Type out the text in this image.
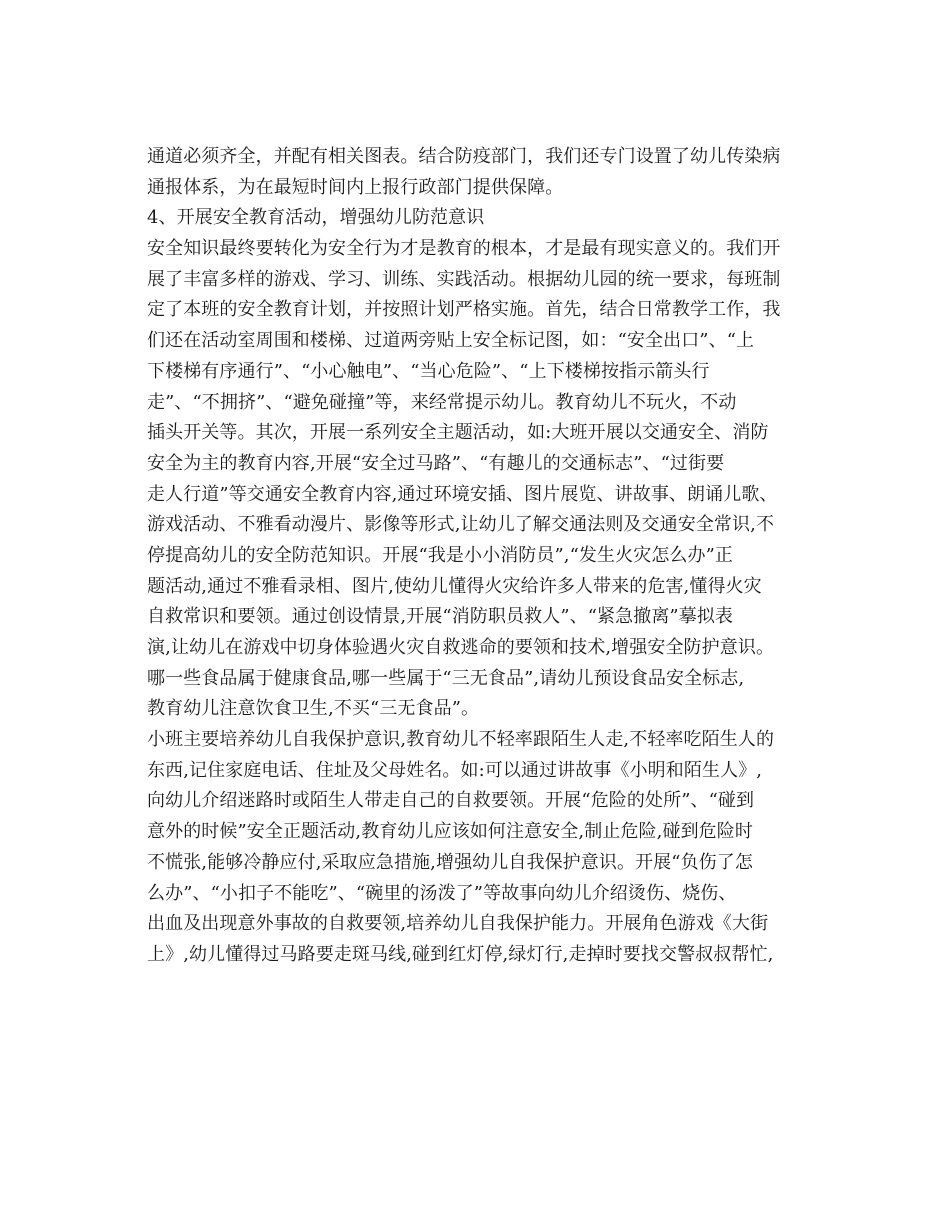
通道必须齐全，并配有相关图表。结合防疫部门，我们还专门设置了幼儿传染病
通报体系，为在最短时间内上报行政部门提供保障。
4、开展安全教育活动，增强幼儿防范意识
安全知识最终要转化为安全行为才是教育的根本，才是最有现实意义的。我们开
展了丰富多样的游戏、学习、训练、实践活动。根据幼儿园的统一要求，每班制
定了本班的安全教育计划，并按照计划严格实施。首先，结合日常教学工作，我
们还在活动室周围和楼梯、过道两旁贴上安全标记图，如：“安全出口”、“上
下楼梯有序通行”、“小心触电”、“当心危险”、“上下楼梯按指示箭头行
走”、“不拥挤”、“避免碰撞”等，来经常提示幼儿。教育幼儿不玩火，不动
插头开关等。其次，开展一系列安全主题活动，如:大班开展以交通安全、消防
安全为主的教育内容,开展“安全过马路”、“有趣儿的交通标志”、“过街要
走人行道”等交通安全教育内容,通过环境安插、图片展览、讲故事、朗诵儿歌、
游戏活动、不雅看动漫片、影像等形式,让幼儿了解交通法则及交通安全常识,不
停提高幼儿的安全防范知识。开展“我是小小消防员”,“发生火灾怎么办”正
题活动,通过不雅看录相、图片,使幼儿懂得火灾给许多人带来的危害,懂得火灾
自救常识和要领。通过创设情景,开展“消防职员救人”、“紧急撤离”摹拟表
演,让幼儿在游戏中切身体验遇火灾自救逃命的要领和技术,增强安全防护意识。
哪一些食品属于健康食品,哪一些属于“三无食品”,请幼儿预设食品安全标志,
教育幼儿注意饮食卫生,不买“三无食品”。
小班主要培养幼儿自我保护意识,教育幼儿不轻率跟陌生人走,不轻率吃陌生人的
东西,记住家庭电话、住址及父母姓名。如:可以通过讲故事《小明和陌生人》,
向幼儿介绍迷路时或陌生人带走自己的自救要领。开展“危险的处所”、“碰到
意外的时候”安全正题活动,教育幼儿应该如何注意安全,制止危险,碰到危险时
不慌张,能够冷静应付,采取应急措施,增强幼儿自我保护意识。开展“负伤了怎
么办”、“小扣子不能吃”、“碗里的汤泼了”等故事向幼儿介绍烫伤、烧伤、
出血及出现意外事故的自救要领,培养幼儿自我保护能力。开展角色游戏《大街
上》,幼儿懂得过马路要走斑马线,碰到红灯停,绿灯行,走掉时要找交警叔叔帮忙,
